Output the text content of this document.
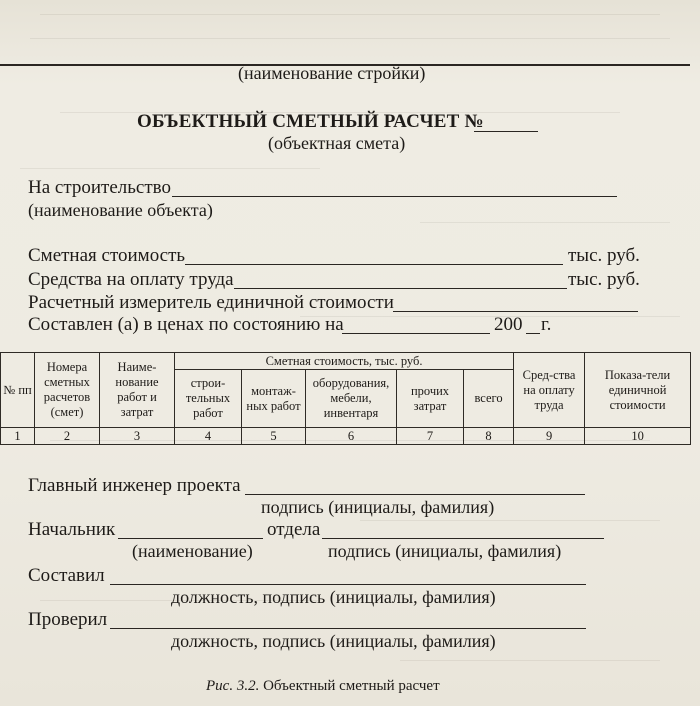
(наименование стройки)
ОБЪЕКТНЫЙ СМЕТНЫЙ РАСЧЕТ №
(объектная смета)
На строительство
(наименование объекта)
Сметная стоимость	тыс. руб.
Средства на оплату труда	тыс. руб.
Расчетный измеритель единичной стоимости
Составлен (а) в ценах по состоянию на	200 г.
№ пп	Номера сметных расчетов (смет)	Наиме-нование работ и затрат	Сметная стоимость, тыс. руб.					Сред-ства на оплату труда	Показа-тели единичной стоимости
			строи-тельных работ	монтаж-ных работ	оборудования, мебели, инвентаря	прочих затрат	всего		
1	2	3	4	5	6	7	8	9	10
Главный инженер проекта
подпись (инициалы, фамилия)
Начальник	отдела
(наименование)	подпись (инициалы, фамилия)
Составил
должность, подпись (инициалы, фамилия)
Проверил
должность, подпись (инициалы, фамилия)
Рис. 3.2. Объектный сметный расчет
